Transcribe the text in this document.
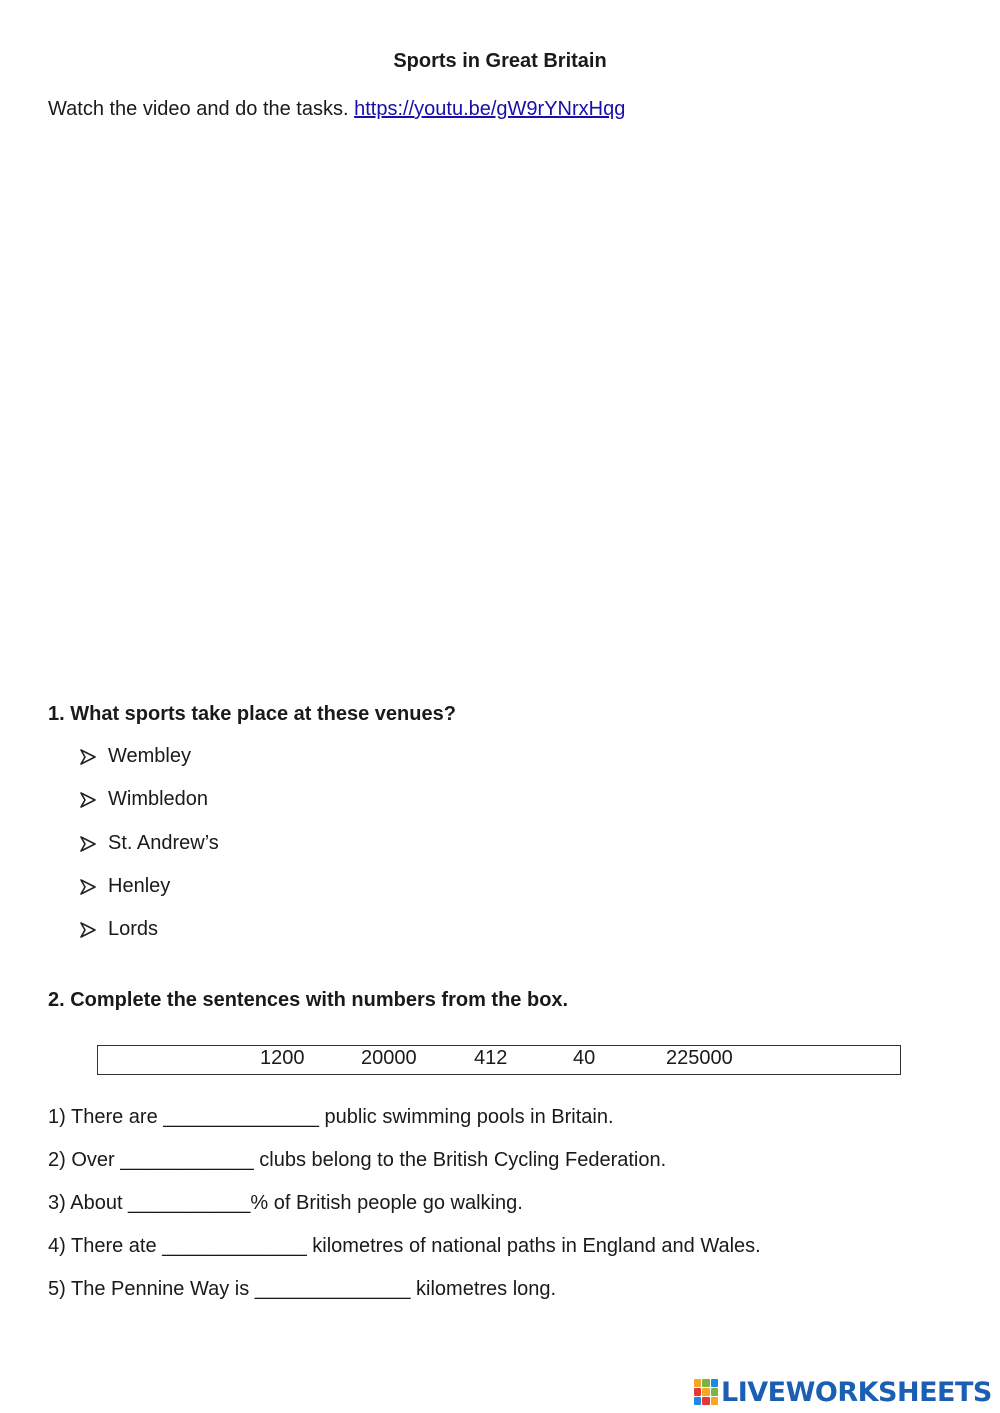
Sports in Great Britain
Watch the video and do the tasks. https://youtu.be/gW9rYNrxHqg
1. What sports take place at these venues?
Wembley
Wimbledon
St. Andrew’s
Henley
Lords
2. Complete the sentences with numbers from the box.
1200	20000	412	40	225000
1) There are ______________ public swimming pools in Britain.
2) Over ____________ clubs belong to the British Cycling Federation.
3) About ___________% of British people go walking.
4) There ate _____________ kilometres of national paths in England and Wales.
5) The Pennine Way is ______________ kilometres long.
LIVEWORKSHEETS
